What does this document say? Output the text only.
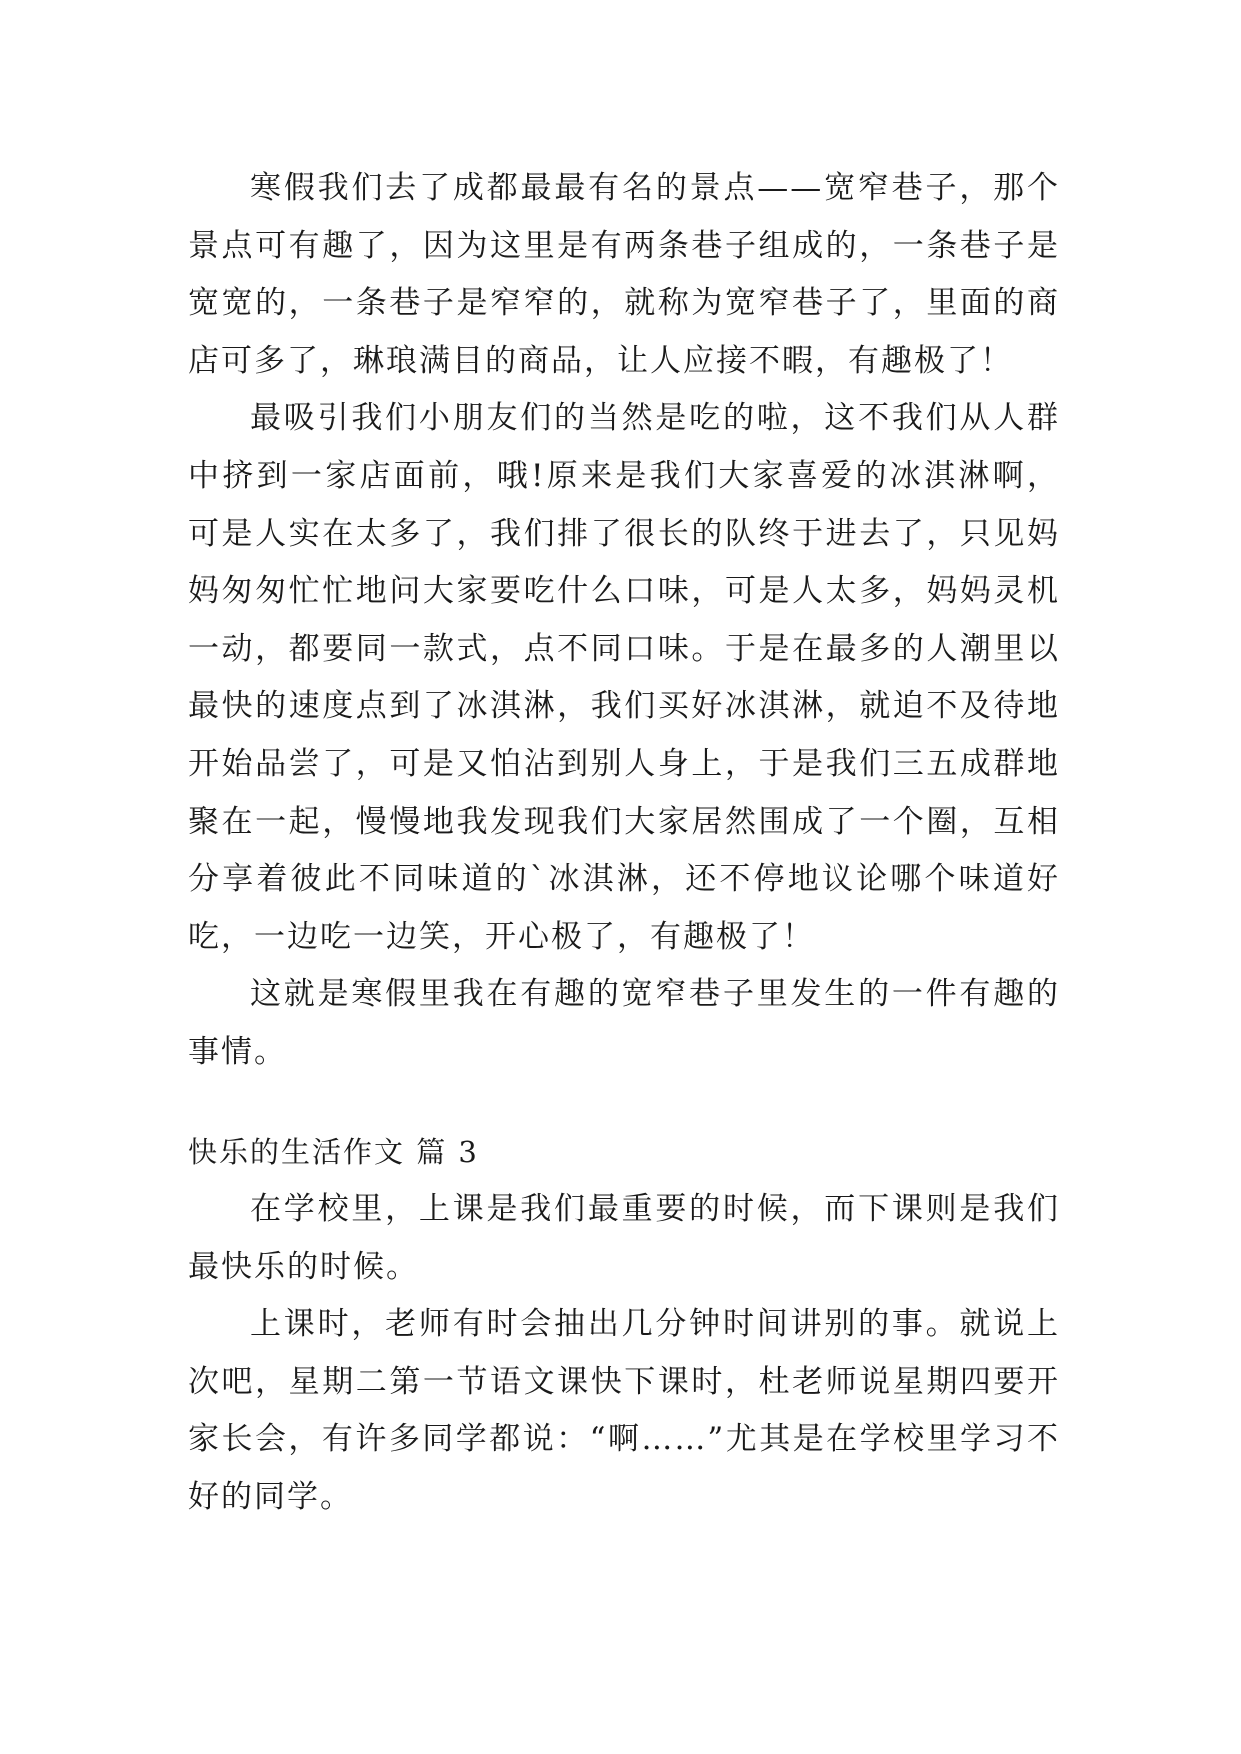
寒假我们去了成都最最有名的景点——宽窄巷子，那个景点可有趣了，因为这里是有两条巷子组成的，一条巷子是宽宽的，一条巷子是窄窄的，就称为宽窄巷子了，里面的商店可多了，琳琅满目的商品，让人应接不暇，有趣极了！

最吸引我们小朋友们的当然是吃的啦，这不我们从人群中挤到一家店面前，哦!原来是我们大家喜爱的冰淇淋啊，可是人实在太多了，我们排了很长的队终于进去了，只见妈妈匆匆忙忙地问大家要吃什么口味，可是人太多，妈妈灵机一动，都要同一款式，点不同口味。于是在最多的人潮里以最快的速度点到了冰淇淋，我们买好冰淇淋，就迫不及待地开始品尝了，可是又怕沾到别人身上，于是我们三五成群地聚在一起，慢慢地我发现我们大家居然围成了一个圈，互相分享着彼此不同味道的`冰淇淋，还不停地议论哪个味道好吃，一边吃一边笑，开心极了，有趣极了！

这就是寒假里我在有趣的宽窄巷子里发生的一件有趣的事情。

快乐的生活作文 篇 3

在学校里，上课是我们最重要的时候，而下课则是我们最快乐的时候。

上课时，老师有时会抽出几分钟时间讲别的事。就说上次吧，星期二第一节语文课快下课时，杜老师说星期四要开家长会，有许多同学都说：“啊……”尤其是在学校里学习不好的同学。
